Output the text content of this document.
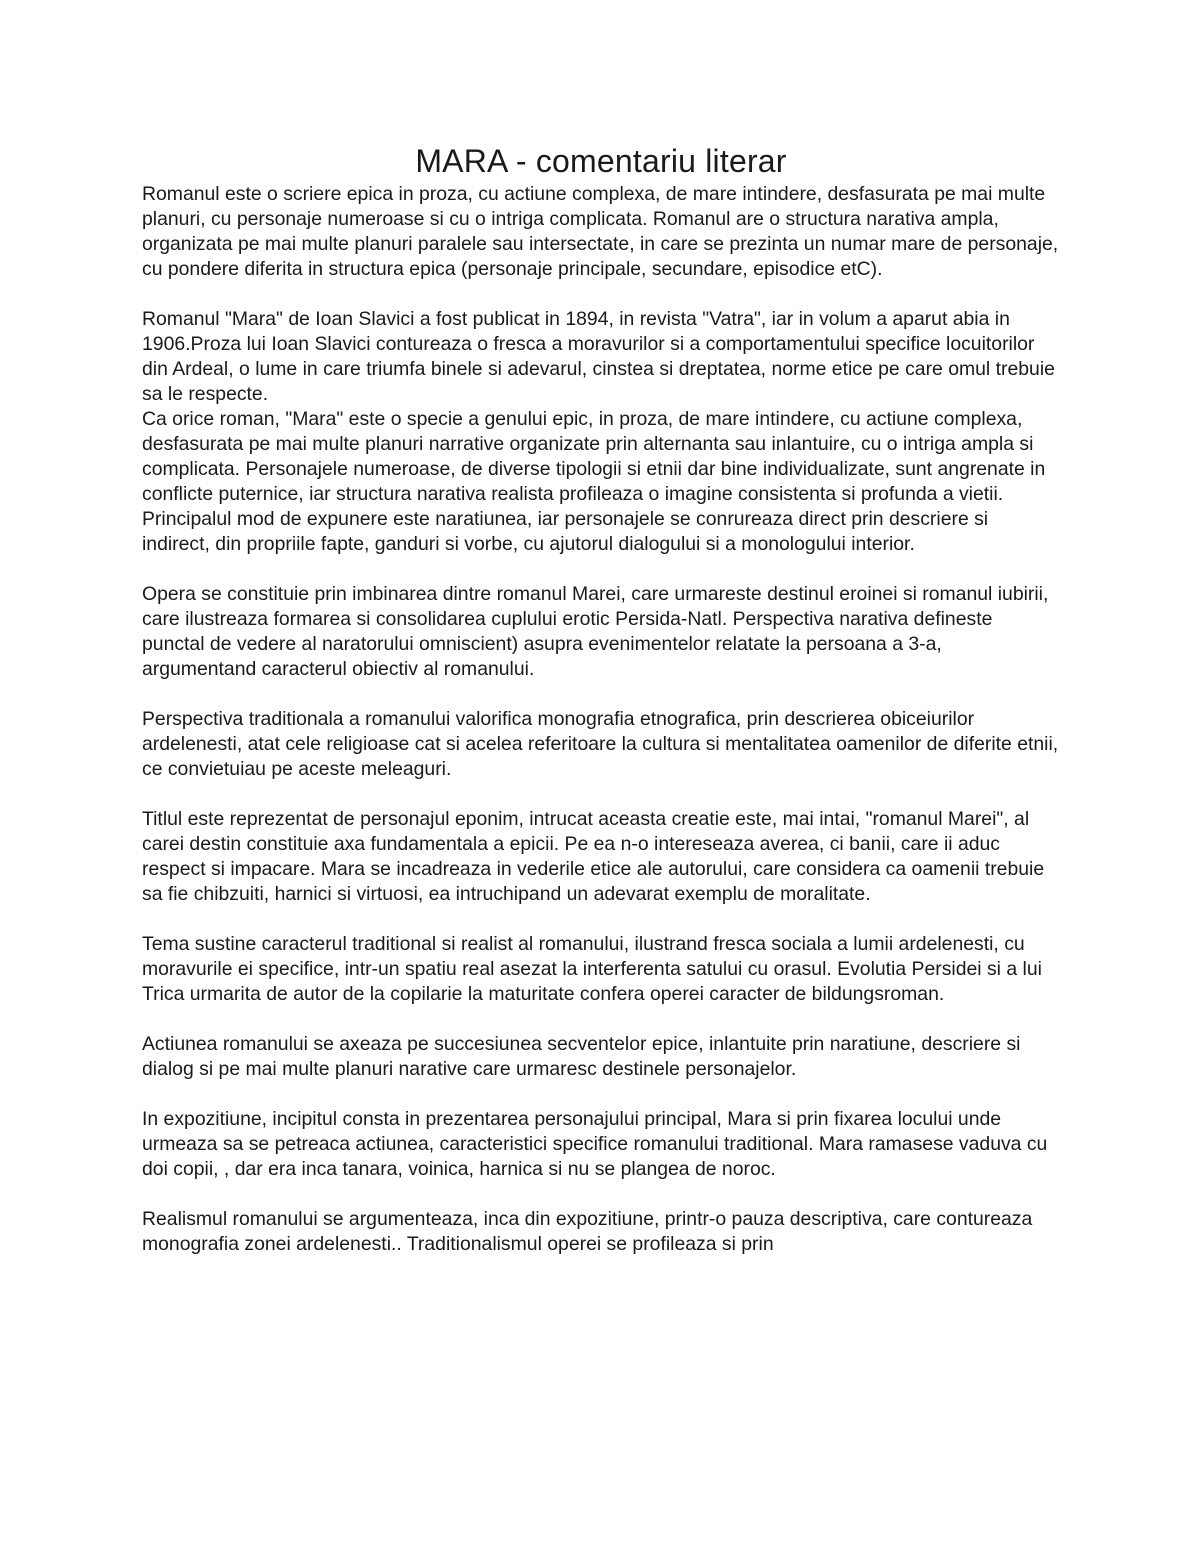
MARA - comentariu literar

Romanul este o scriere epica in proza, cu actiune complexa, de mare intindere, desfasurata pe mai multe planuri, cu personaje numeroase si cu o intriga complicata. Romanul are o structura narativa ampla, organizata pe mai multe planuri paralele sau intersectate, in care se prezinta un numar mare de personaje, cu pondere diferita in structura epica (personaje principale, secundare, episodice etC).

Romanul "Mara" de Ioan Slavici a fost publicat in 1894, in revista "Vatra", iar in volum a aparut abia in 1906.Proza lui Ioan Slavici contureaza o fresca a moravurilor si a comportamentului specifice locuitorilor din Ardeal, o lume in care triumfa binele si adevarul, cinstea si dreptatea, norme etice pe care omul trebuie sa le respecte.

Ca orice roman, "Mara" este o specie a genului epic, in proza, de mare intindere, cu actiune complexa, desfasurata pe mai multe planuri narrative organizate prin alternanta sau inlantuire, cu o intriga ampla si complicata. Personajele numeroase, de diverse tipologii si etnii dar bine individualizate, sunt angrenate in conflicte puternice, iar structura narativa realista profileaza o imagine consistenta si profunda a vietii. Principalul mod de expunere este naratiunea, iar personajele se conrureaza direct prin descriere si indirect, din propriile fapte, ganduri si vorbe, cu ajutorul dialogului si a monologului interior.

Opera se constituie prin imbinarea dintre romanul Marei, care urmareste destinul eroinei si romanul iubirii, care ilustreaza formarea si consolidarea cuplului erotic Persida-Natl. Perspectiva narativa defineste punctal de vedere al naratorului omniscient) asupra evenimentelor relatate la persoana a 3-a, argumentand caracterul obiectiv al romanului.

Perspectiva traditionala a romanului valorifica monografia etnografica, prin descrierea obiceiurilor ardelenesti, atat cele religioase cat si acelea referitoare la cultura si mentalitatea oamenilor de diferite etnii, ce convietuiau pe aceste meleaguri.

Titlul este reprezentat de personajul eponim, intrucat aceasta creatie este, mai intai, "romanul Marei", al carei destin constituie axa fundamentala a epicii. Pe ea n-o intereseaza averea, ci banii, care ii aduc respect si impacare. Mara se incadreaza in vederile etice ale autorului, care considera ca oamenii trebuie sa fie chibzuiti, harnici si virtuosi, ea intruchipand un adevarat exemplu de moralitate.

Tema sustine caracterul traditional si realist al romanului, ilustrand fresca sociala a lumii ardelenesti, cu moravurile ei specifice, intr-un spatiu real asezat la interferenta satului cu orasul. Evolutia Persidei si a lui Trica urmarita de autor de la copilarie la maturitate confera operei caracter de bildungsroman.

Actiunea romanului se axeaza pe succesiunea secventelor epice, inlantuite prin naratiune, descriere si dialog si pe mai multe planuri narative care urmaresc destinele personajelor.

In expozitiune, incipitul consta in prezentarea personajului principal, Mara si prin fixarea locului unde urmeaza sa se petreaca actiunea, caracteristici specifice romanului traditional. Mara ramasese vaduva cu doi copii, , dar era inca tanara, voinica, harnica si nu se plangea de noroc.

Realismul romanului se argumenteaza, inca din expozitiune, printr-o pauza descriptiva, care contureaza monografia zonei ardelenesti.. Traditionalismul operei se profileaza si prin
